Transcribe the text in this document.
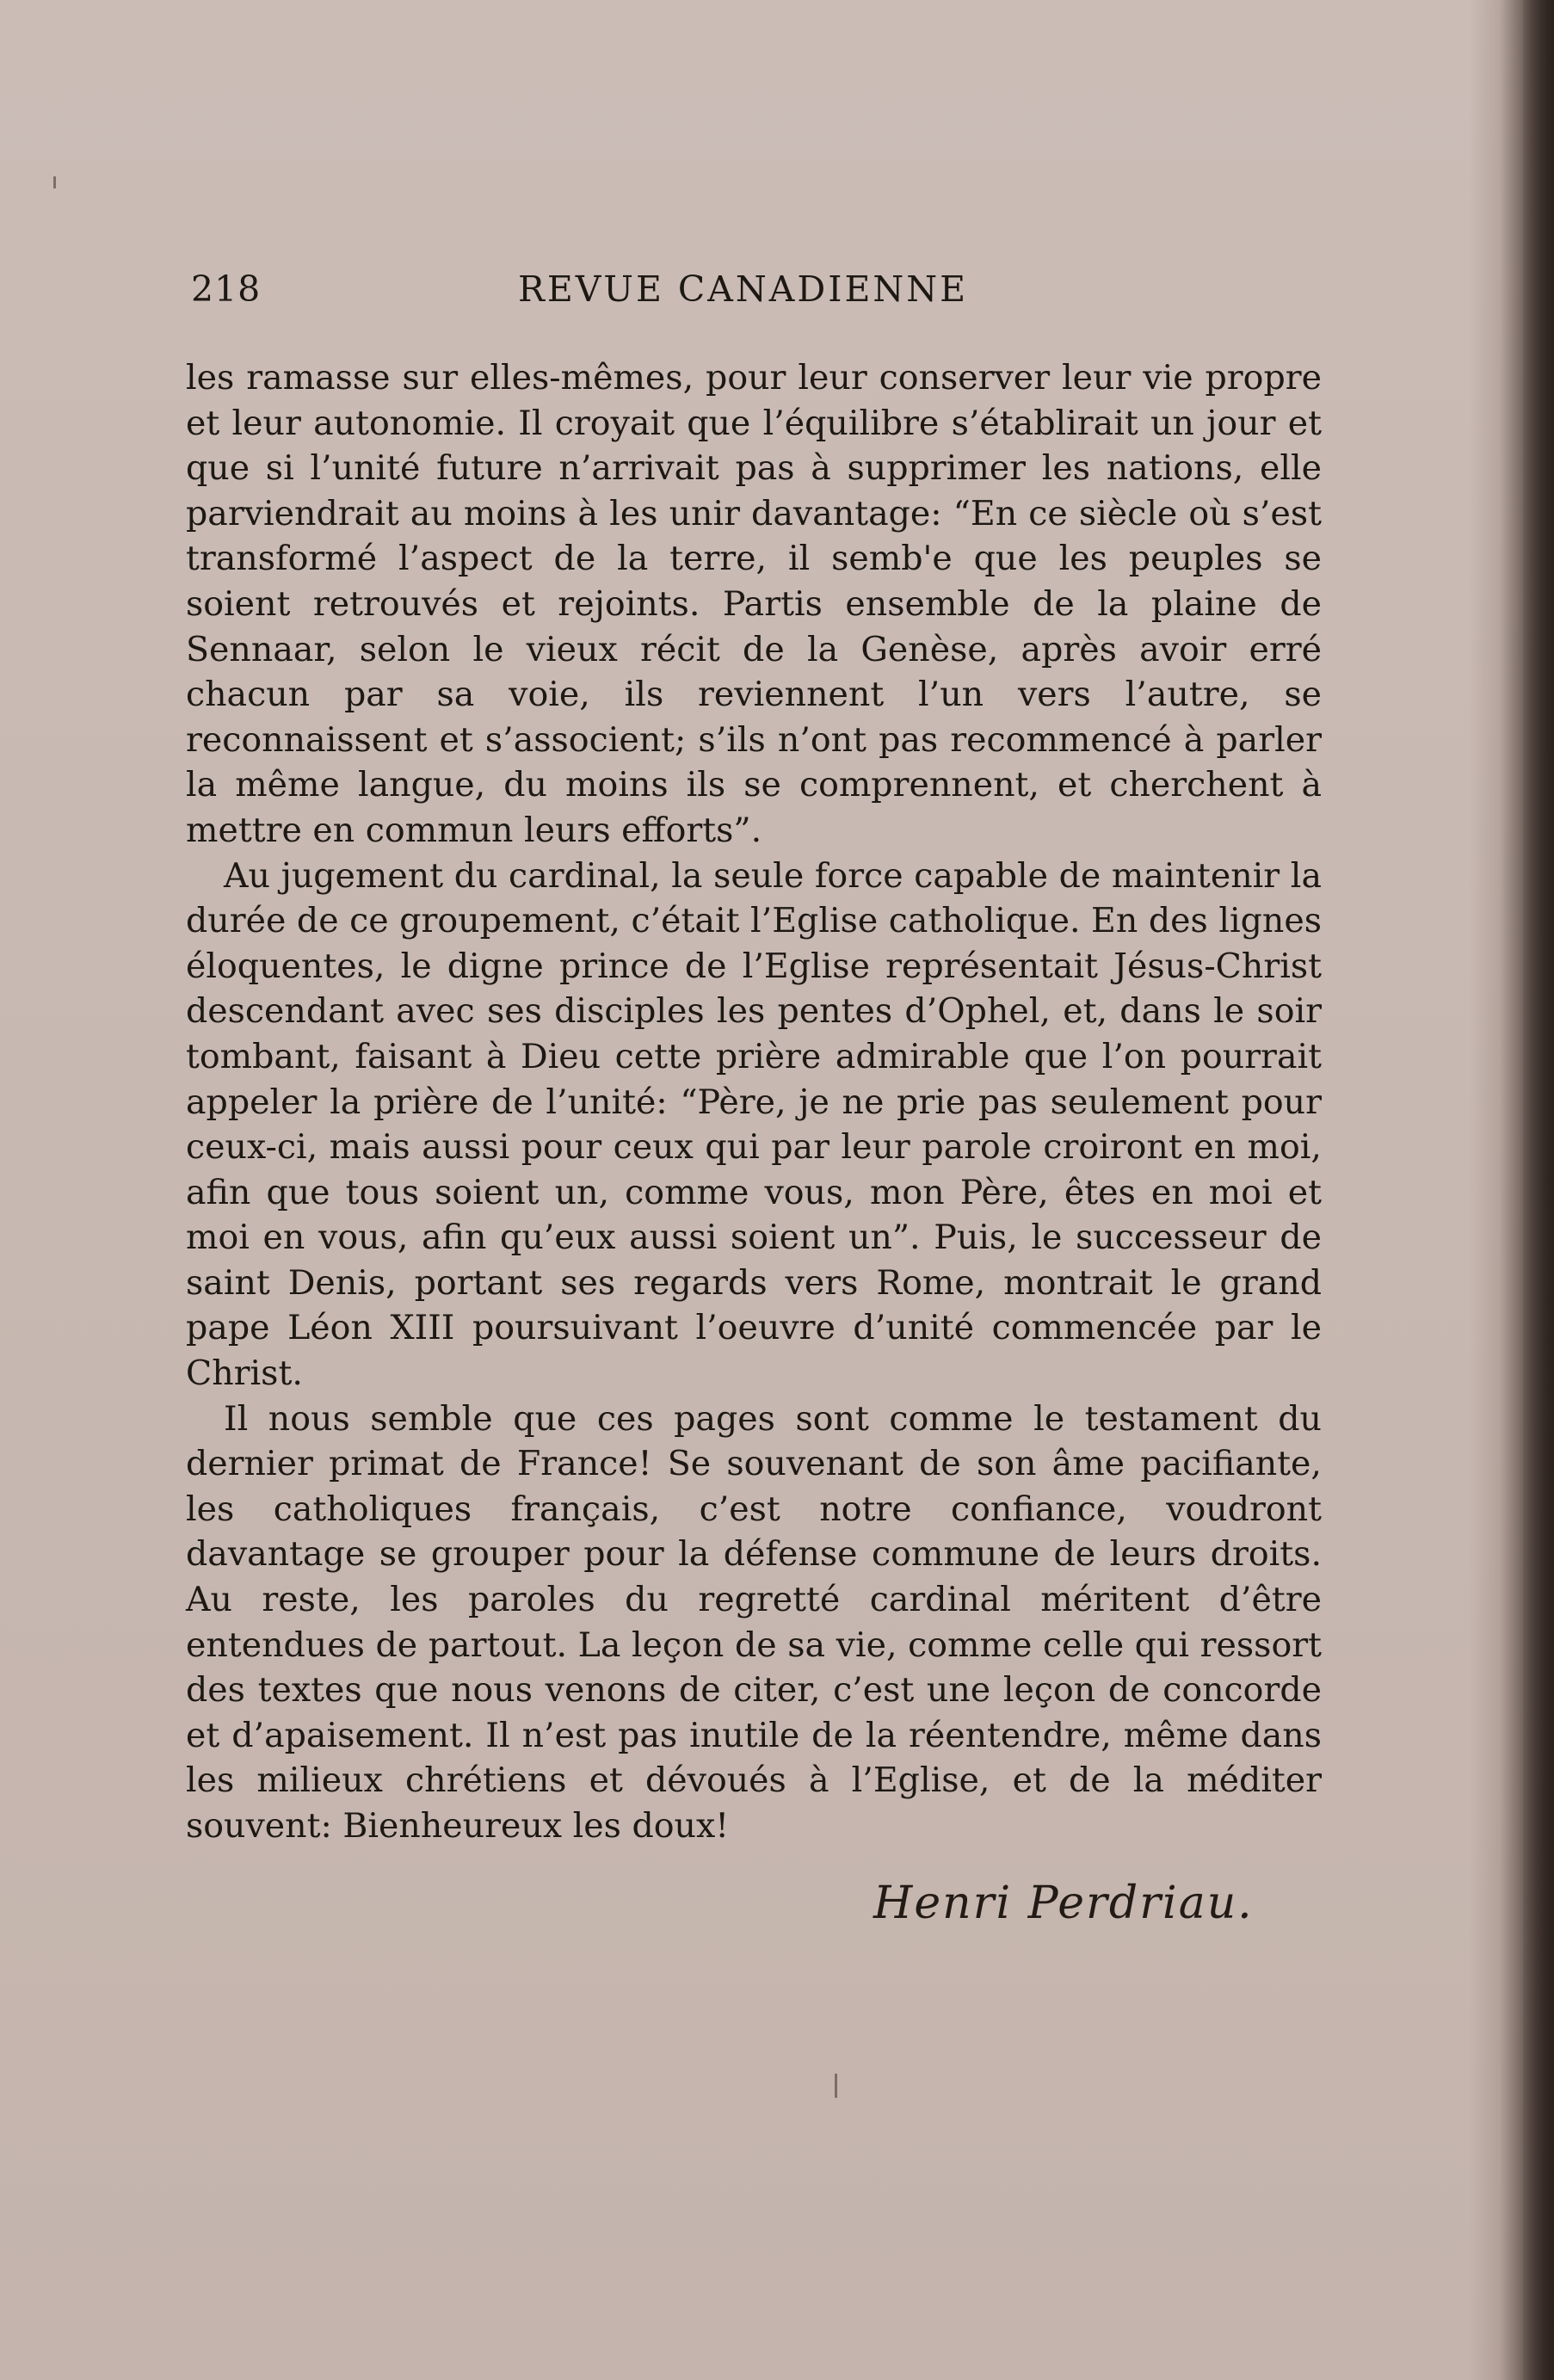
218	REVUE CANADIENNE

les ramasse sur elles-mêmes, pour leur conserver leur vie propre et leur autonomie. Il croyait que l’équilibre s’établirait un jour et que si l’unité future n’arrivait pas à supprimer les nations, elle parviendrait au moins à les unir davantage: “En ce siècle où s’est transformé l’aspect de la terre, il semb'e que les peuples se soient retrouvés et rejoints. Partis ensemble de la plaine de Sennaar, selon le vieux récit de la Genèse, après avoir erré chacun par sa voie, ils reviennent l’un vers l’autre, se reconnaissent et s’associent; s’ils n’ont pas recommencé à parler la même langue, du moins ils se comprennent, et cherchent à mettre en commun leurs efforts”.

Au jugement du cardinal, la seule force capable de maintenir la durée de ce groupement, c’était l’Eglise catholique. En des lignes éloquentes, le digne prince de l’Eglise représentait Jésus-Christ descendant avec ses disciples les pentes d’Ophel, et, dans le soir tombant, faisant à Dieu cette prière admirable que l’on pourrait appeler la prière de l’unité: “Père, je ne prie pas seulement pour ceux-ci, mais aussi pour ceux qui par leur parole croiront en moi, afin que tous soient un, comme vous, mon Père, êtes en moi et moi en vous, afin qu’eux aussi soient un”. Puis, le successeur de saint Denis, portant ses regards vers Rome, montrait le grand pape Léon XIII poursuivant l’oeuvre d’unité commencée par le Christ.

Il nous semble que ces pages sont comme le testament du dernier primat de France! Se souvenant de son âme pacifiante, les catholiques français, c’est notre confiance, voudront davantage se grouper pour la défense commune de leurs droits. Au reste, les paroles du regretté cardinal méritent d’être entendues de partout. La leçon de sa vie, comme celle qui ressort des textes que nous venons de citer, c’est une leçon de concorde et d’apaisement. Il n’est pas inutile de la réentendre, même dans les milieux chrétiens et dévoués à l’Eglise, et de la méditer souvent: Bienheureux les doux!

Henri Perdriau.
